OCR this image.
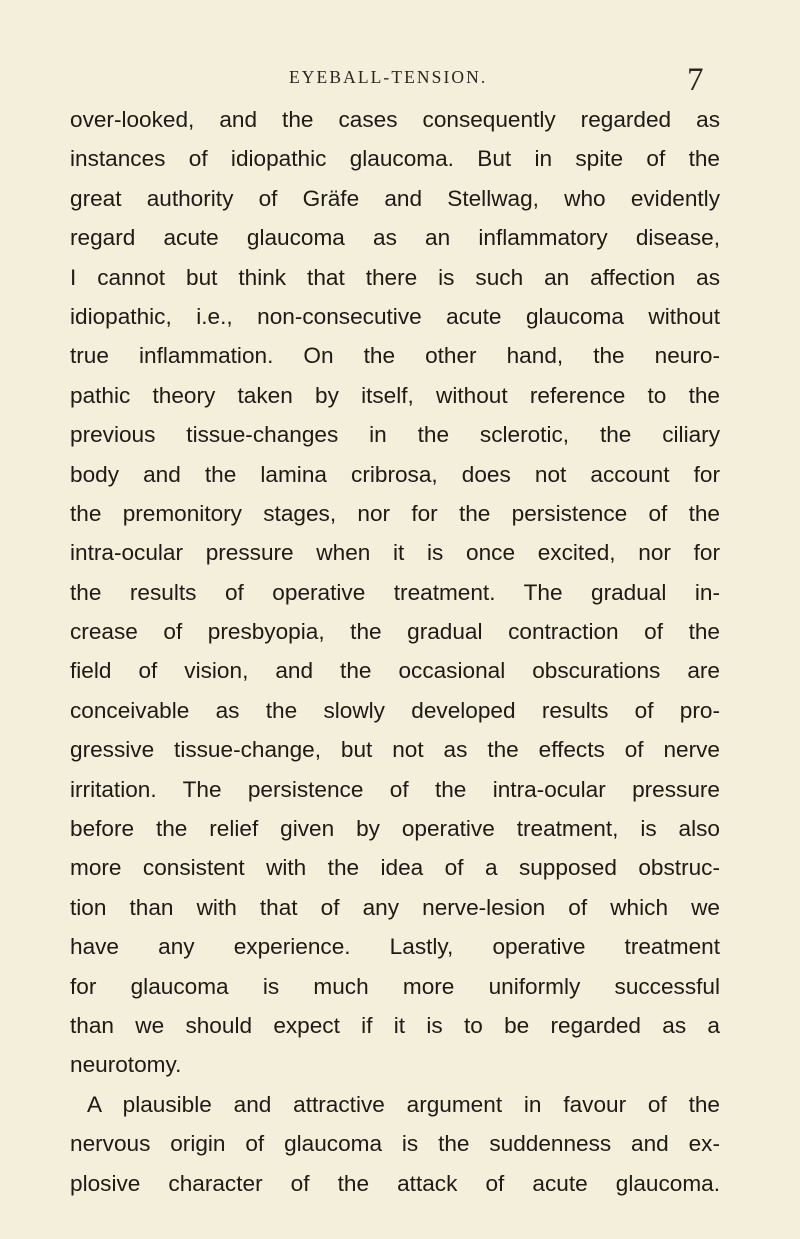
EYEBALL-TENSION.	7
over-looked, and the cases consequently regarded as
instances of idiopathic glaucoma. But in spite of the
great authority of Gräfe and Stellwag, who evidently
regard acute glaucoma as an inflammatory disease,
I cannot but think that there is such an affection as
idiopathic, i.e., non-consecutive acute glaucoma without
true inflammation. On the other hand, the neuro-
pathic theory taken by itself, without reference to the
previous tissue-changes in the sclerotic, the ciliary
body and the lamina cribrosa, does not account for
the premonitory stages, nor for the persistence of the
intra-ocular pressure when it is once excited, nor for
the results of operative treatment. The gradual in-
crease of presbyopia, the gradual contraction of the
field of vision, and the occasional obscurations are
conceivable as the slowly developed results of pro-
gressive tissue-change, but not as the effects of nerve
irritation. The persistence of the intra-ocular pressure
before the relief given by operative treatment, is also
more consistent with the idea of a supposed obstruc-
tion than with that of any nerve-lesion of which we
have any experience. Lastly, operative treatment
for glaucoma is much more uniformly successful
than we should expect if it is to be regarded as a
neurotomy.
A plausible and attractive argument in favour of the
nervous origin of glaucoma is the suddenness and ex-
plosive character of the attack of acute glaucoma.
